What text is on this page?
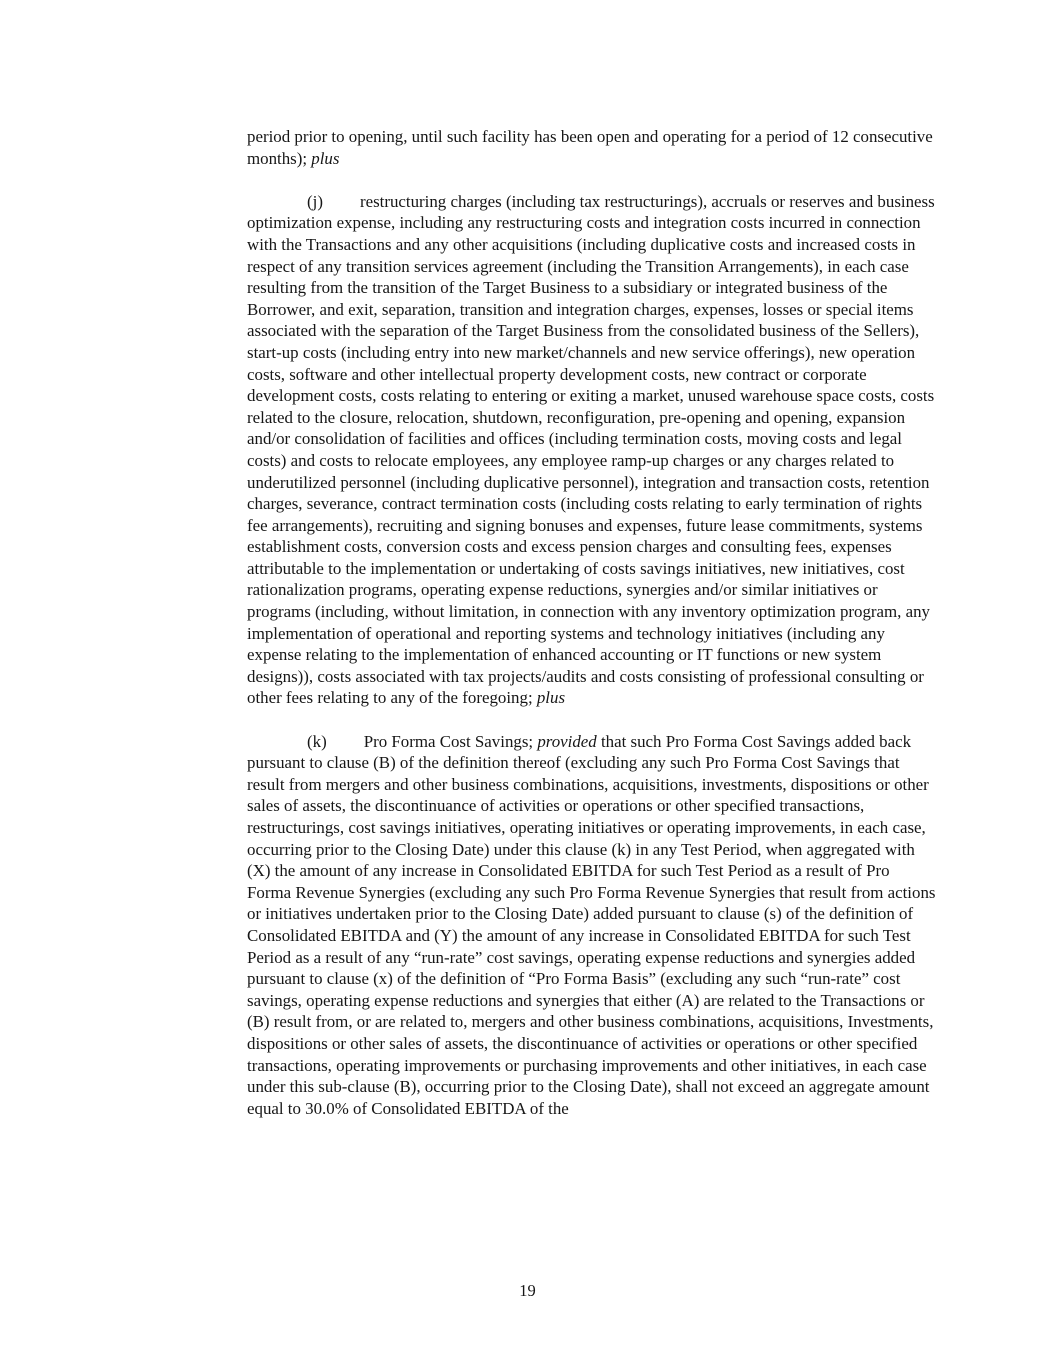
period prior to opening, until such facility has been open and operating for a period of 12 consecutive months); plus

(j) restructuring charges (including tax restructurings), accruals or reserves and business optimization expense, including any restructuring costs and integration costs incurred in connection with the Transactions and any other acquisitions (including duplicative costs and increased costs in respect of any transition services agreement (including the Transition Arrangements), in each case resulting from the transition of the Target Business to a subsidiary or integrated business of the Borrower, and exit, separation, transition and integration charges, expenses, losses or special items associated with the separation of the Target Business from the consolidated business of the Sellers), start-up costs (including entry into new market/channels and new service offerings), new operation costs, software and other intellectual property development costs, new contract or corporate development costs, costs relating to entering or exiting a market, unused warehouse space costs, costs related to the closure, relocation, shutdown, reconfiguration, pre-opening and opening, expansion and/or consolidation of facilities and offices (including termination costs, moving costs and legal costs) and costs to relocate employees, any employee ramp-up charges or any charges related to underutilized personnel (including duplicative personnel), integration and transaction costs, retention charges, severance, contract termination costs (including costs relating to early termination of rights fee arrangements), recruiting and signing bonuses and expenses, future lease commitments, systems establishment costs, conversion costs and excess pension charges and consulting fees, expenses attributable to the implementation or undertaking of costs savings initiatives, new initiatives, cost rationalization programs, operating expense reductions, synergies and/or similar initiatives or programs (including, without limitation, in connection with any inventory optimization program, any implementation of operational and reporting systems and technology initiatives (including any expense relating to the implementation of enhanced accounting or IT functions or new system designs)), costs associated with tax projects/audits and costs consisting of professional consulting or other fees relating to any of the foregoing; plus

(k) Pro Forma Cost Savings; provided that such Pro Forma Cost Savings added back pursuant to clause (B) of the definition thereof (excluding any such Pro Forma Cost Savings that result from mergers and other business combinations, acquisitions, investments, dispositions or other sales of assets, the discontinuance of activities or operations or other specified transactions, restructurings, cost savings initiatives, operating initiatives or operating improvements, in each case, occurring prior to the Closing Date) under this clause (k) in any Test Period, when aggregated with (X) the amount of any increase in Consolidated EBITDA for such Test Period as a result of Pro Forma Revenue Synergies (excluding any such Pro Forma Revenue Synergies that result from actions or initiatives undertaken prior to the Closing Date) added pursuant to clause (s) of the definition of Consolidated EBITDA and (Y) the amount of any increase in Consolidated EBITDA for such Test Period as a result of any “run-rate” cost savings, operating expense reductions and synergies added pursuant to clause (x) of the definition of “Pro Forma Basis” (excluding any such “run-rate” cost savings, operating expense reductions and synergies that either (A) are related to the Transactions or (B) result from, or are related to, mergers and other business combinations, acquisitions, Investments, dispositions or other sales of assets, the discontinuance of activities or operations or other specified transactions, operating improvements or purchasing improvements and other initiatives, in each case under this sub-clause (B), occurring prior to the Closing Date), shall not exceed an aggregate amount equal to 30.0% of Consolidated EBITDA of the

19
